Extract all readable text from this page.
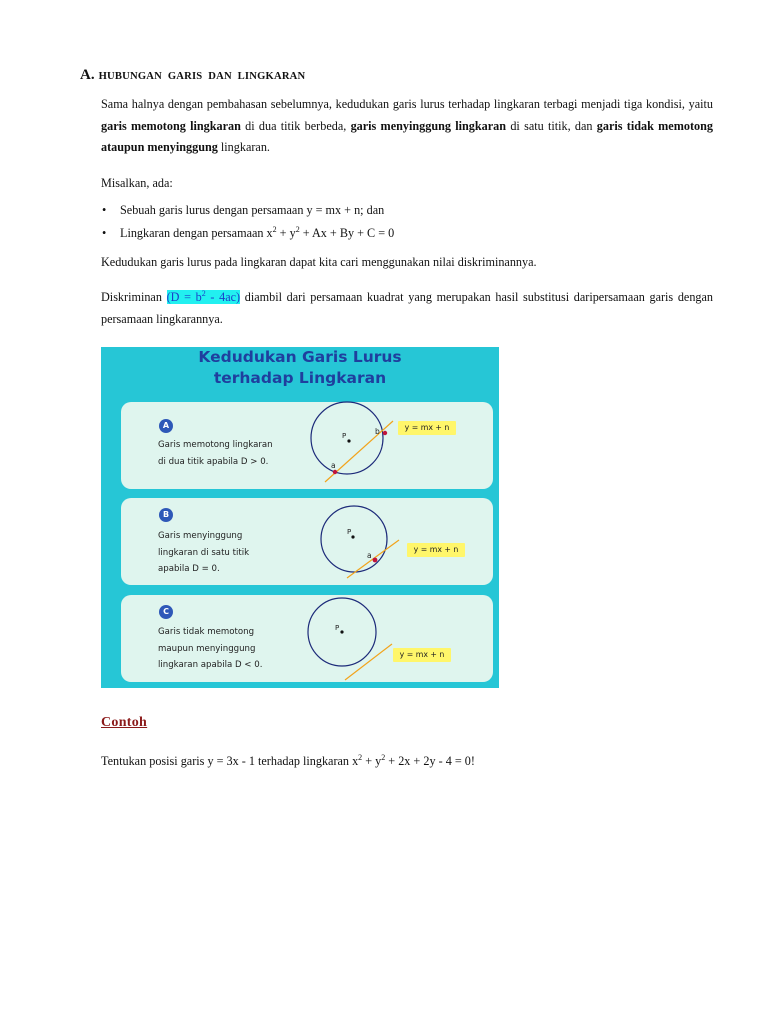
A. HUBUNGAN GARIS DAN LINGKARAN
Sama halnya dengan pembahasan sebelumnya, kedudukan garis lurus terhadap lingkaran terbagi menjadi tiga kondisi, yaitu garis memotong lingkaran di dua titik berbeda, garis menyinggung lingkaran di satu titik, dan garis tidak memotong ataupun menyinggung lingkaran.
Misalkan, ada:
• Sebuah garis lurus dengan persamaan y = mx + n; dan
• Lingkaran dengan persamaan $x^2 + y^2 + Ax + By + C = 0$
Kedudukan garis lurus pada lingkaran dapat kita cari menggunakan nilai diskriminannya.
Diskriminan $(D = b^2 - 4ac)$ diambil dari persamaan kuadrat yang merupakan hasil substitusi daripersamaan garis dengan persamaan lingkarannya.
Kedudukan Garis Lurus
terhadap Lingkaran
A
Garis memotong lingkaran
di dua titik apabila D > 0.
y = mx + n
B
Garis menyinggung
lingkaran di satu titik
apabila D = 0.
y = mx + n
C
Garis tidak memotong
maupun menyinggung
lingkaran apabila D < 0.
y = mx + n
P
a
b
P
a
P
Contoh
Tentukan posisi garis y = 3x - 1 terhadap lingkaran $x^2 + y^2 + 2x + 2y - 4 = 0$!
